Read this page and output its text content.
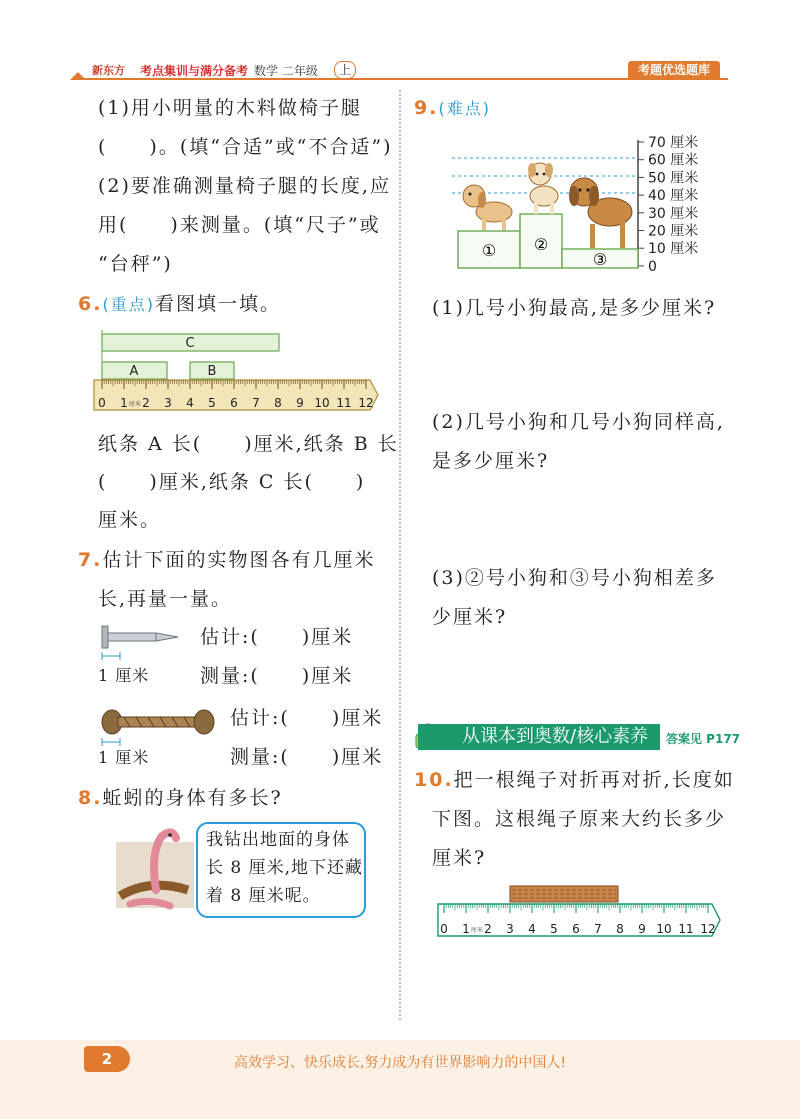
新东方	考点集训与满分备考 数学 二年级	上	考题优选题库
(1)用小明量的木料做椅子腿
(　　)。(填“合适”或“不合适”)
(2)要准确测量椅子腿的长度,应
用(　　)来测量。(填“尺子”或
“台秤”)
6.(重点)看图填一填。
C
A	B
0 1 2 3 4 5 6 7 8 9 10 11 12
厘米
纸条 A 长(　　)厘米,纸条 B 长
(　　)厘米,纸条 C 长(　　)
厘米。
7.估计下面的实物图各有几厘米
长,再量一量。
1 厘米
估计:(　　)厘米
测量:(　　)厘米
1 厘米
估计:(　　)厘米
测量:(　　)厘米
8.蚯蚓的身体有多长?
我钻出地面的身体
长 8 厘米,地下还藏
着 8 厘米呢。
9.(难点)
70 厘米
60 厘米
50 厘米
40 厘米
30 厘米
20 厘米
10 厘米
0
① ②
③
(1)几号小狗最高,是多少厘米?
(2)几号小狗和几号小狗同样高,
是多少厘米?
(3)②号小狗和③号小狗相差多
少厘米?
从课本到奥数/核心素养	答案见 P177
10.把一根绳子对折再对折,长度如
下图。这根绳子原来大约长多少
厘米?
0 1 2 3 4 5 6 7 8 9 10 11 12
厘米
2	高效学习、快乐成长,努力成为有世界影响力的中国人!
